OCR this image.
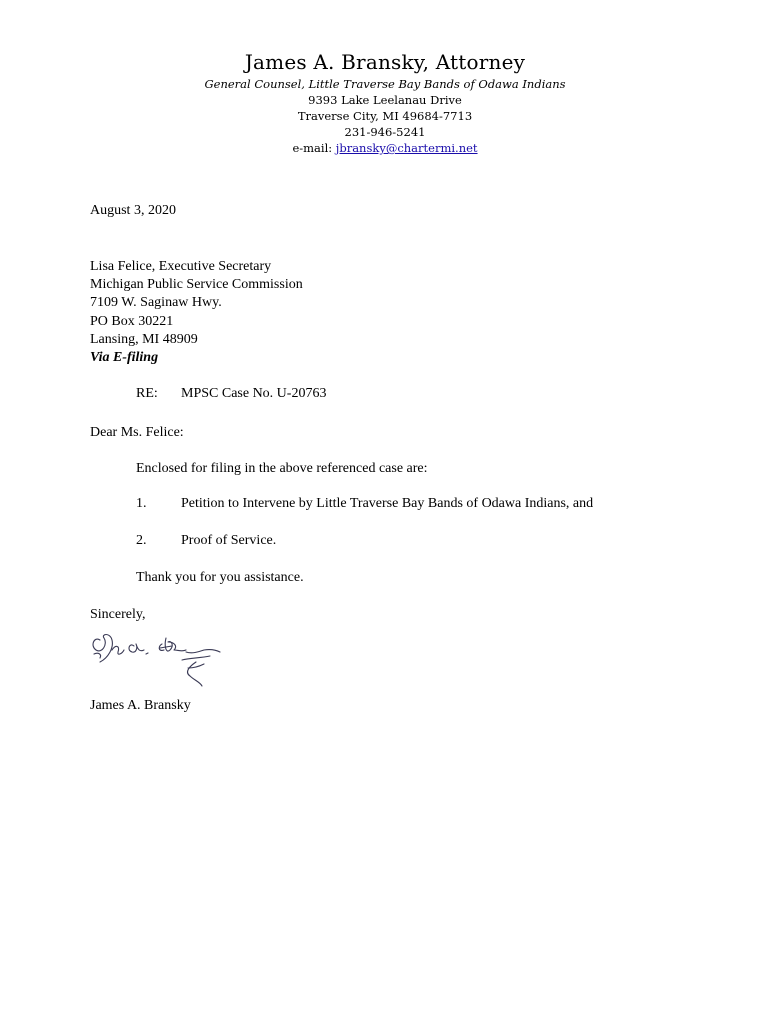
James A. Bransky, Attorney
General Counsel, Little Traverse Bay Bands of Odawa Indians
9393 Lake Leelanau Drive
Traverse City, MI 49684-7713
231-946-5241
e-mail: jbransky@chartermi.net
August 3, 2020
Lisa Felice, Executive Secretary
Michigan Public Service Commission
7109 W. Saginaw Hwy.
PO Box 30221
Lansing, MI 48909
Via E-filing
RE: MPSC Case No. U-20763
Dear Ms. Felice:
Enclosed for filing in the above referenced case are:
1. Petition to Intervene by Little Traverse Bay Bands of Odawa Indians, and
2. Proof of Service.
Thank you for you assistance.
Sincerely,
James A. Bransky
